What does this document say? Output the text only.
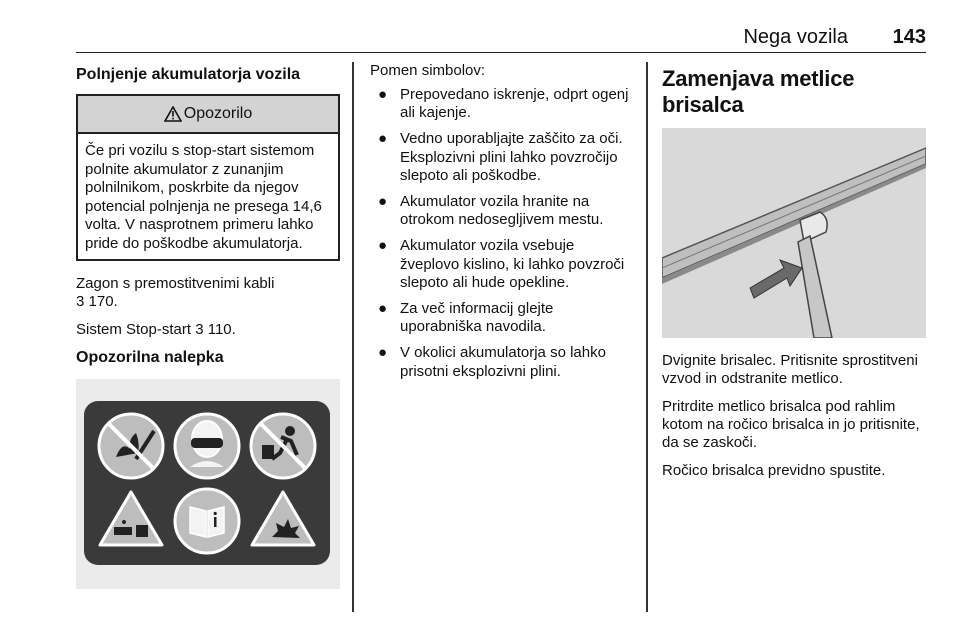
Nega vozila 143
Polnjenje akumulatorja vozila
Opozorilo
Če pri vozilu s stop-start sistemom polnite akumulator z zunanjim polnilnikom, poskrbite da njegov potencial polnjenja ne presega 14,6 volta. V nasprotnem primeru lahko pride do poškodbe akumulatorja.

Zagon s premostitvenimi kabli
3 170.

Sistem Stop-start 3 110.

Opozorilna nalepka

Pomen simbolov:

● Prepovedano iskrenje, odprt ogenj ali kajenje.
● Vedno uporabljajte zaščito za oči. Eksplozivni plini lahko povzročijo slepoto ali poškodbe.
● Akumulator vozila hranite na otrokom nedosegljivem mestu.
● Akumulator vozila vsebuje žveplovo kislino, ki lahko povzroči slepoto ali hude opekline.
● Za več informacij glejte uporabniška navodila.
● V okolici akumulatorja so lahko prisotni eksplozivni plini.
Zamenjava metlice brisalca

Dvignite brisalec. Pritisnite sprostitveni vzvod in odstranite metlico.

Pritrdite metlico brisalca pod rahlim kotom na ročico brisalca in jo pritisnite, da se zaskoči.

Ročico brisalca previdno spustite.
